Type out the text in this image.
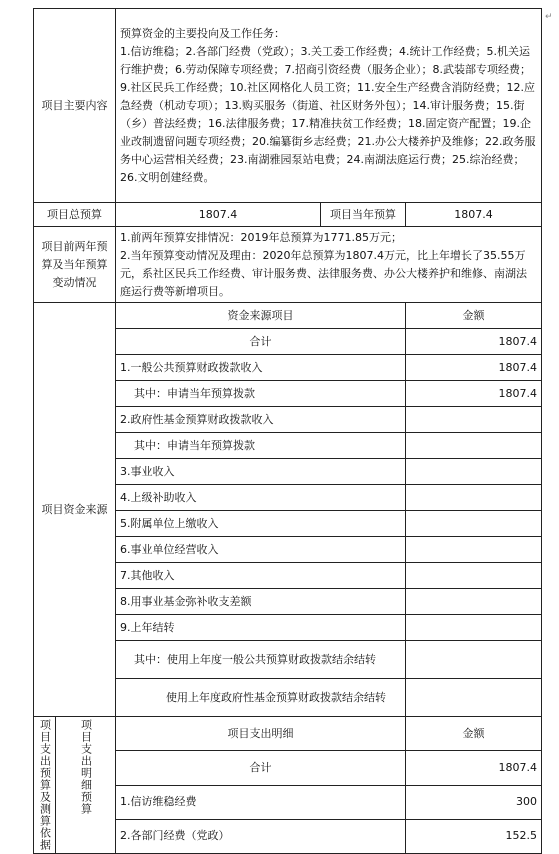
项目主要内容		预算资金的主要投向及工作任务：
1.信访维稳；2.各部门经费（党政）；3.关工委工作经费；4.统计工作经费；5.机关运行维护费；6.劳动保障专项经费；7.招商引资经费（服务企业）；8.武装部专项经费；9.社区民兵工作经费；10.社区网格化人员工资；11.安全生产经费含消防经费；12.应急经费（机动专项）；13.购买服务（街道、社区财务外包）；14.审计服务费；15.街（乡）普法经费；16.法律服务费；17.精准扶贫工作经费；18.固定资产配置；19.企业改制遗留问题专项经费；20.编纂街乡志经费；21.办公大楼养护及维修；22.政务服务中心运营相关经费；23.南湖雅园泵站电费；24.南湖法庭运行费；25.综治经费；26.文明创建经费。		

项目总预算		1807.4	项目当年预算	1807.4
项目前两年预算及当年预算变动情况		1.前两年预算安排情况：2019年总预算为1771.85万元；
2.当年预算变动情况及理由：2020年总预算为1807.4万元，比上年增长了35.55万元，系社区民兵工作经费、审计服务费、法律服务费、办公大楼养护和维修、南湖法庭运行费等新增项目。		

项目资金来源		资金来源项目		金额
		合计		1807.4
		1.一般公共预算财政拨款收入		1807.4
		其中：申请当年预算拨款		1807.4
		2.政府性基金预算财政拨款收入		
		其中：申请当年预算拨款		
		3.事业收入		
		4.上级补助收入		
		5.附属单位上缴收入		
		6.事业单位经营收入		
		7.其他收入		
		8.用事业基金弥补收支差额		
		9.上年结转		
		其中：使用上年度一般公共预算财政拨款结余结转		
		使用上年度政府性基金预算财政拨款结余结转		
项目支出预算及测算依据	项目支出明细预算	项目支出明细		金额
		合计		1807.4
		1.信访维稳经费		300
		2.各部门经费（党政）		152.5
↵
